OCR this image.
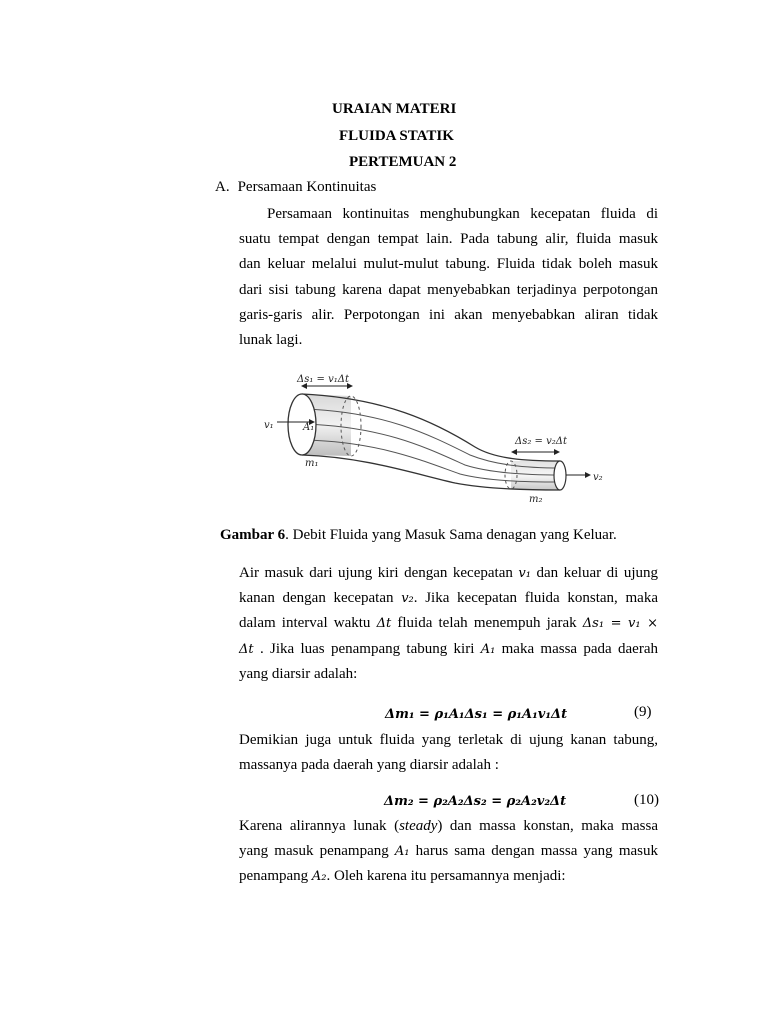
URAIAN MATERI
FLUIDA STATIK
PERTEMUAN 2
A. Persamaan Kontinuitas
Persamaan kontinuitas menghubungkan kecepatan fluida di
suatu tempat dengan tempat lain. Pada tabung alir, fluida masuk
dan keluar melalui mulut-mulut tabung. Fluida tidak boleh masuk
dari sisi tabung karena dapat menyebabkan terjadinya perpotongan
garis-garis alir. Perpotongan ini akan menyebabkan aliran tidak
lunak lagi.
Δs₁ = v₁Δt
Δs₂ = v₂Δt
v₁
v₂
A₁
m₁
m₂
Gambar 6. Debit Fluida yang Masuk Sama denagan yang Keluar.
Air masuk dari ujung kiri dengan kecepatan v₁ dan keluar di ujung
kanan dengan kecepatan v₂. Jika kecepatan fluida konstan, maka
dalam interval waktu Δt fluida telah menempuh jarak Δs₁ = v₁ ×
Δt . Jika luas penampang tabung kiri A₁ maka massa pada daerah
yang diarsir adalah:
Δm₁ = ρ₁A₁Δs₁ = ρ₁A₁v₁Δt	(9)
Demikian juga untuk fluida yang terletak di ujung kanan tabung,
massanya pada daerah yang diarsir adalah :
Δm₂ = ρ₂A₂Δs₂ = ρ₂A₂v₂Δt	(10)
Karena alirannya lunak (steady) dan massa konstan, maka massa
yang masuk penampang A₁ harus sama dengan massa yang masuk
penampang A₂. Oleh karena itu persamannya menjadi:
